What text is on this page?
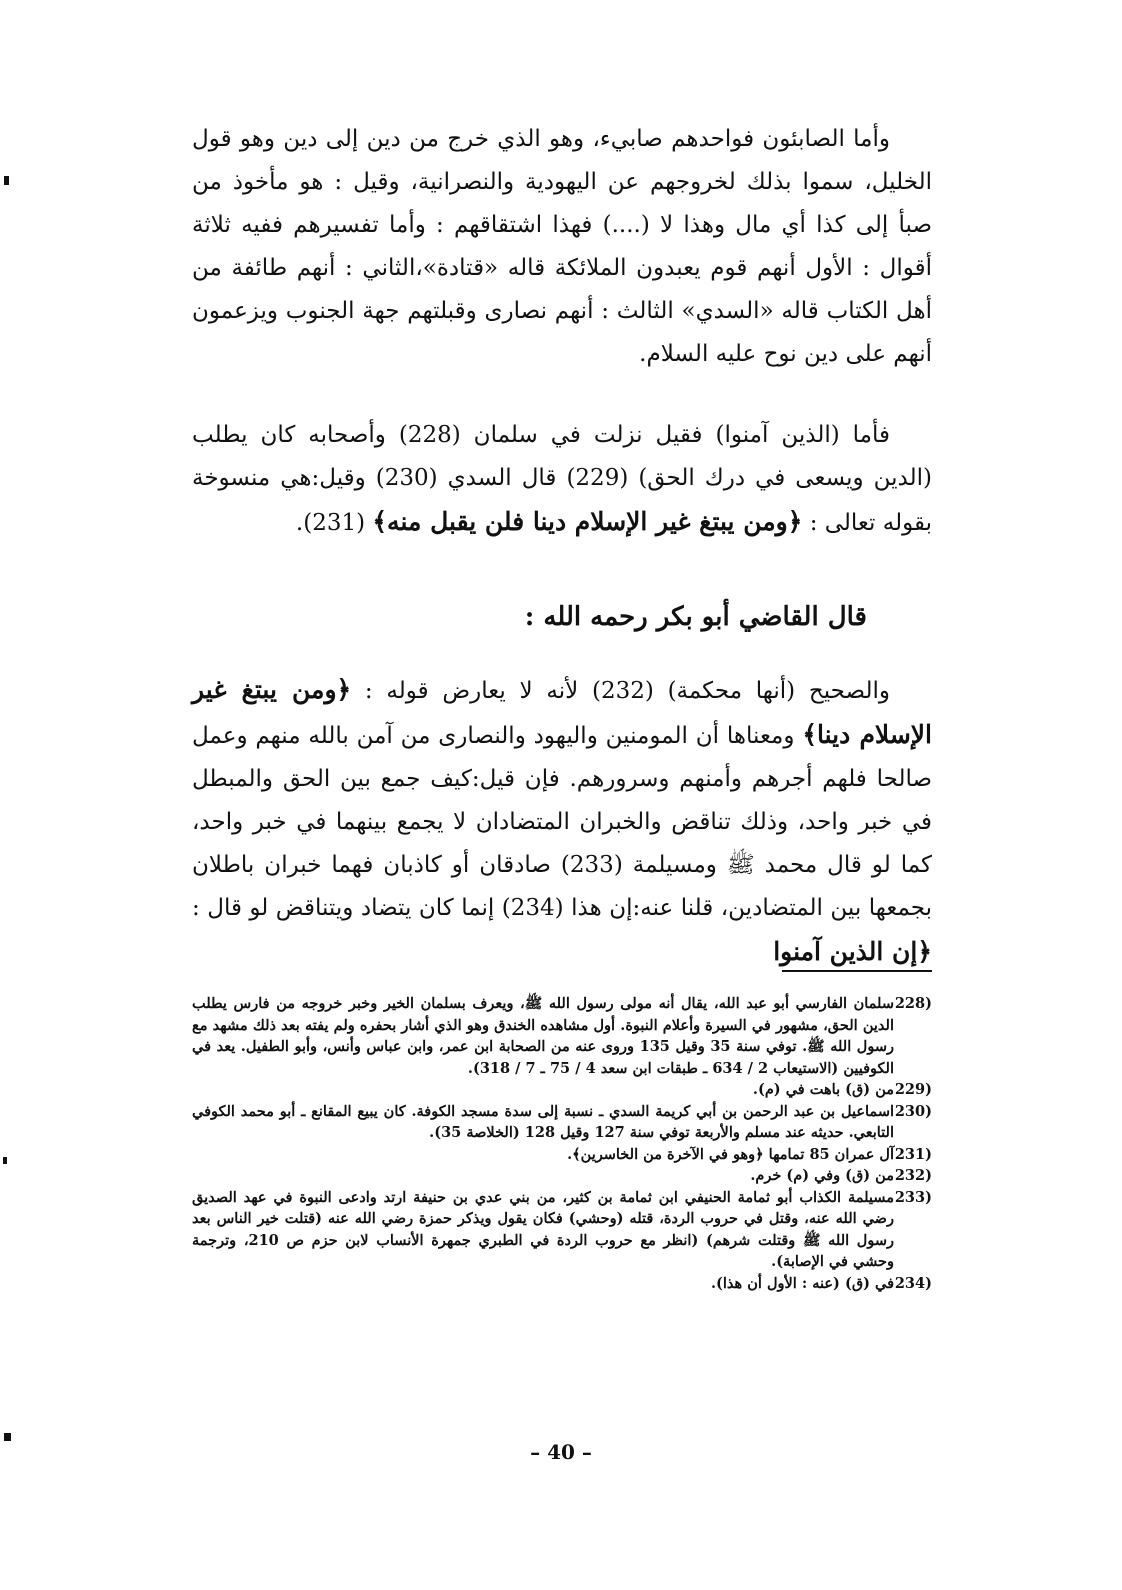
وأما الصابئون فواحدهم صابيء، وهو الذي خرج من دين إلى دين وهو قول الخليل، سموا بذلك لخروجهم عن اليهودية والنصرانية، وقيل : هو مأخوذ من صبأ إلى كذا أي مال وهذا لا (....) فهذا اشتقاقهم : وأما تفسيرهم ففيه ثلاثة أقوال : الأول أنهم قوم يعبدون الملائكة قاله «قتادة»،الثاني : أنهم طائفة من أهل الكتاب قاله «السدي» الثالث : أنهم نصارى وقبلتهم جهة الجنوب ويزعمون أنهم على دين نوح عليه السلام.

فأما (الذين آمنوا) فقيل نزلت في سلمان (228) وأصحابه كان يطلب (الدين ويسعى في درك الحق) (229) قال السدي (230) وقيل:هي منسوخة بقوله تعالى : ﴿ومن يبتغ غير الإسلام دينا فلن يقبل منه﴾ (231).

قال القاضي أبو بكر رحمه الله :

والصحيح (أنها محكمة) (232) لأنه لا يعارض قوله : ﴿ومن يبتغ غير الإسلام دينا﴾ ومعناها أن المومنين واليهود والنصارى من آمن بالله منهم وعمل صالحا فلهم أجرهم وأمنهم وسرورهم. فإن قيل:كيف جمع بين الحق والمبطل في خبر واحد، وذلك تناقض والخبران المتضادان لا يجمع بينهما في خبر واحد، كما لو قال محمد ﷺ ومسيلمة (233) صادقان أو كاذبان فهما خبران باطلان بجمعها بين المتضادين، قلنا عنه:إن هذا (234) إنما كان يتضاد ويتناقض لو قال : ﴿إن الذين آمنوا

(228
سلمان الفارسي أبو عبد الله، يقال أنه مولى رسول الله ﷺ، ويعرف بسلمان الخير وخبر خروجه من فارس يطلب الدين الحق، مشهور في السيرة وأعلام النبوة. أول مشاهده الخندق وهو الذي أشار بحفره ولم يفته بعد ذلك مشهد مع رسول الله ﷺ. توفي سنة 35 وقيل 135 وروى عنه من الصحابة ابن عمر، وابن عباس وأنس، وأبو الطفيل. يعد في الكوفيين (الاستيعاب 2 / 634 ـ طبقات ابن سعد 4 / 75 ـ 7 / 318).
(229
من (ق) باهت في (م).
(230
اسماعيل بن عبد الرحمن بن أبي كريمة السدي ـ نسبة إلى سدة مسجد الكوفة. كان يبيع المقانع ـ أبو محمد الكوفي التابعي. حديثه عند مسلم والأربعة توفي سنة 127 وقيل 128 (الخلاصة 35).
(231
آل عمران 85 تمامها ﴿وهو في الآخرة من الخاسرين﴾.
(232
من (ق) وفي (م) خرم.
(233
مسيلمة الكذاب أبو ثمامة الحنيفي ابن ثمامة بن كثير، من بني عدي بن حنيفة ارتد وادعى النبوة في عهد الصديق رضي الله عنه، وقتل في حروب الردة، قتله (وحشي) فكان يقول ويذكر حمزة رضي الله عنه (قتلت خير الناس بعد رسول الله ﷺ وقتلت شرهم) (انظر مع حروب الردة في الطبري جمهرة الأنساب لابن حزم ص 210، وترجمة وحشي في الإصابة).
(234
في (ق) (عنه : الأول أن هذا).
– 40 –
